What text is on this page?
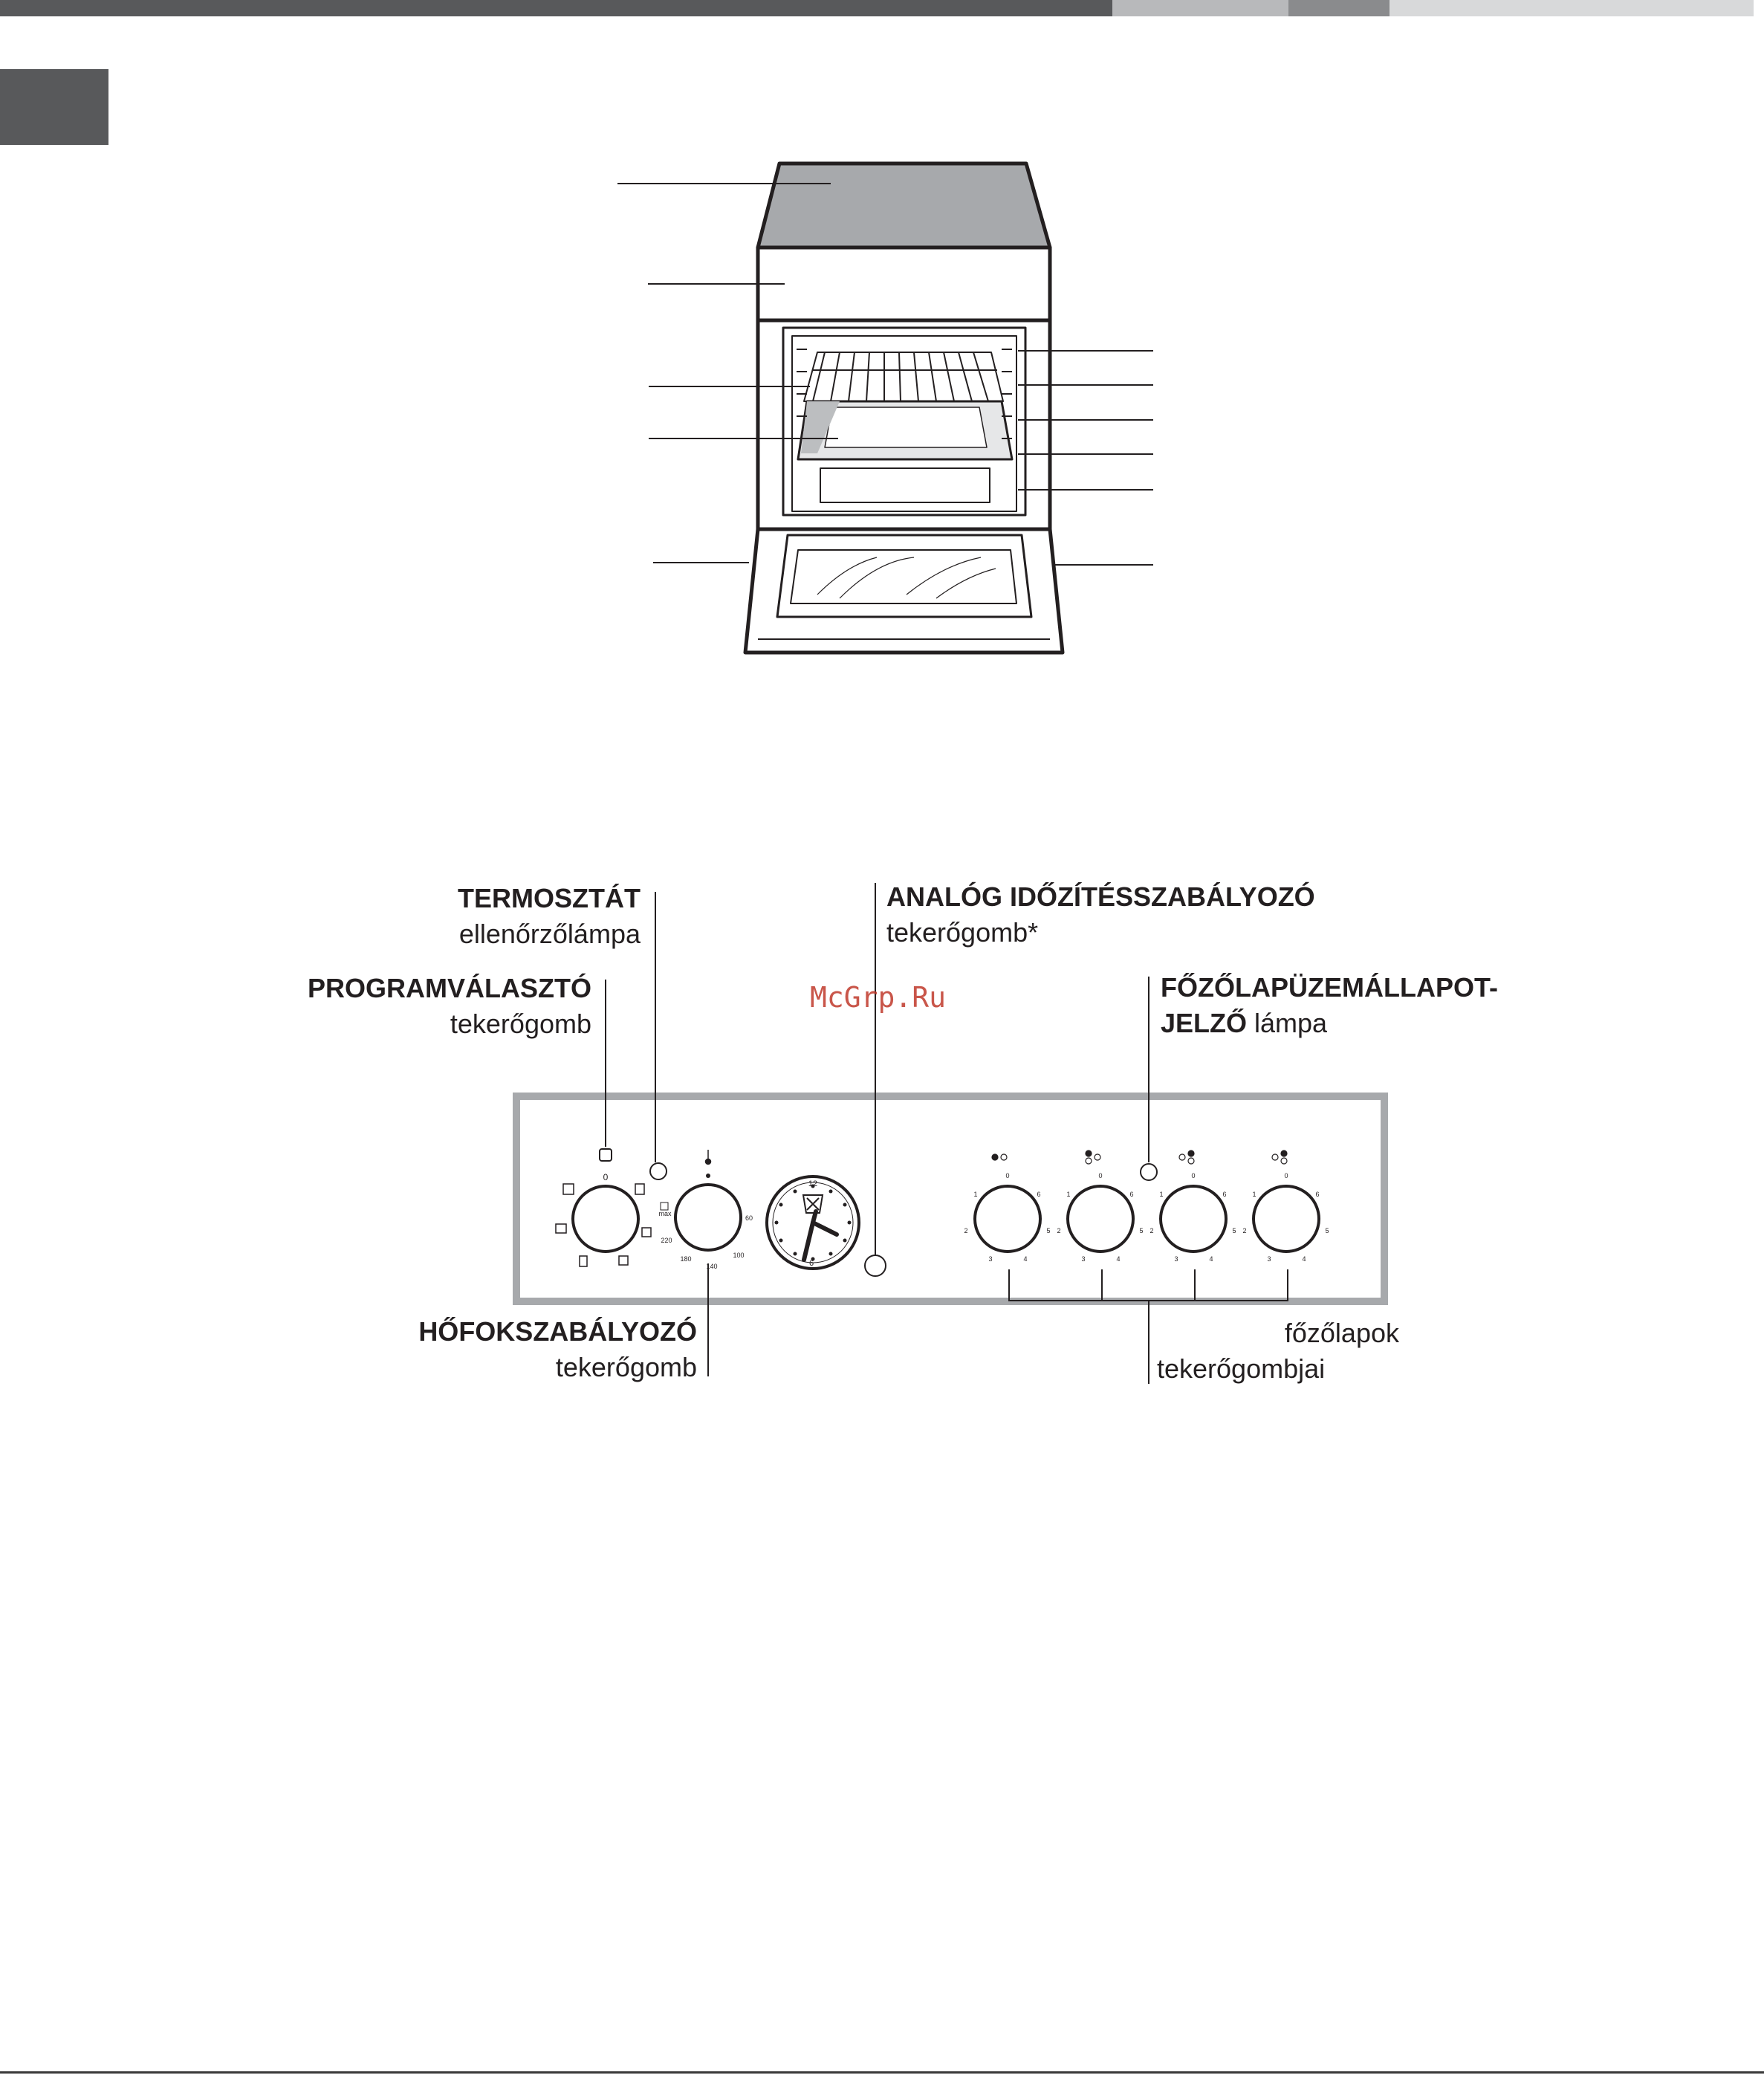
0
max
220
180
140
100
60
12
6
0
1
2
3	4
5
6
0
1
2
3	4
5
6
0
1
2
3	4
5
6
0
1
2
3	4
5
6
TERMOSZTÁT
ellenőrzőlámpa
PROGRAMVÁLASZTÓ
tekerőgomb
HŐFOKSZABÁLYOZÓ
tekerőgomb
ANALÓG IDŐZÍTÉSSZABÁLYOZÓ
tekerőgomb*
FŐZŐLAPÜZEMÁLLAPOT-
JELZŐ lámpa
főzőlapok
tekerőgombjai
McGrp.Ru
